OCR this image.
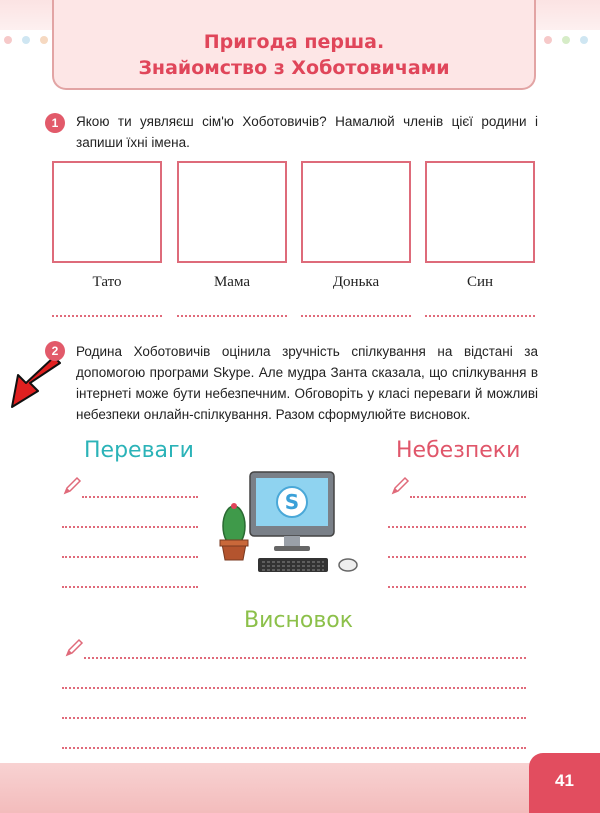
Пригода перша.
Знайомство з Хоботовичами
1	Якою ти уявляєш сім'ю Хоботовичів? Намалюй членів цієї родини і запиши їхні імена.
Тато	Мама	Донька	Син
2	Родина Хоботовичів оцінила зручність спілкування на відстані за допомогою програми Skype. Але мудра Занта сказала, що спілкування в інтернеті може бути небезпечним. Обговоріть у класі переваги й можливі небезпеки онлайн-спілкування. Разом сформулюйте висновок.
Переваги	Небезпеки
S
Висновок
41
